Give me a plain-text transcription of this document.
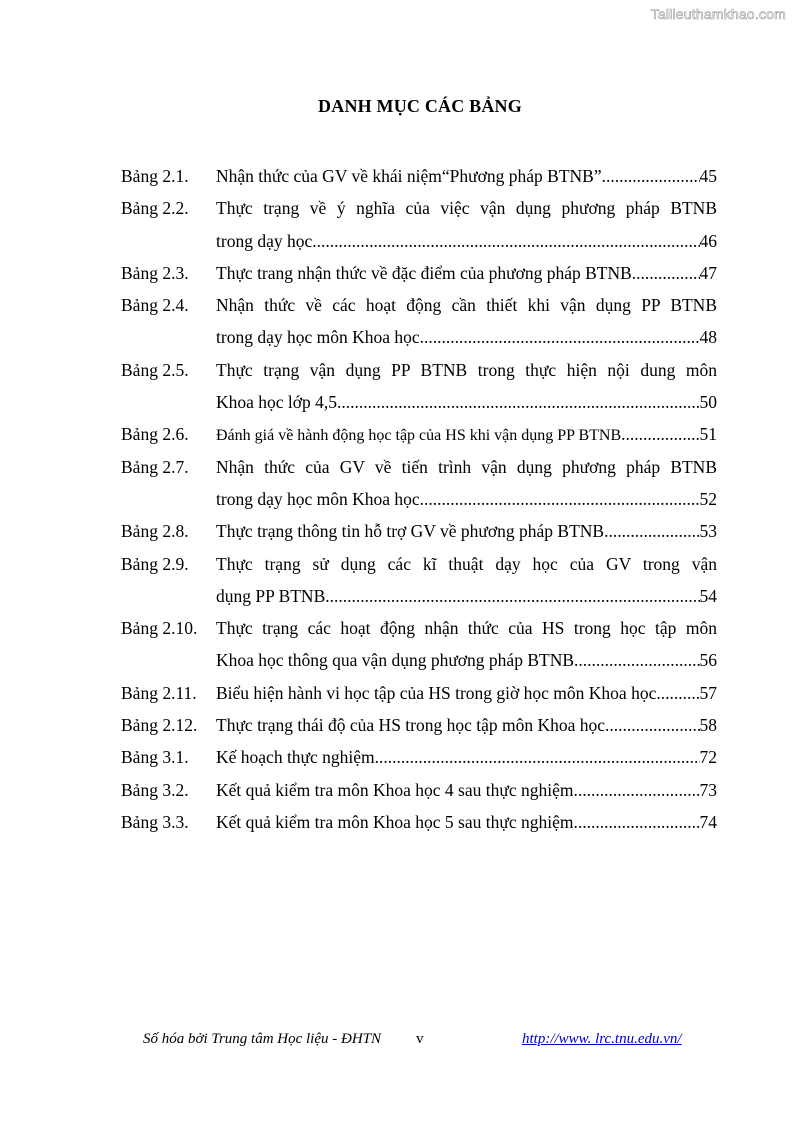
Tailieuthamkhao.com
DANH MỤC CÁC BẢNG
Bảng 2.1.	Nhận thức của GV về khái niệm“Phương pháp BTNB” .....	45
Bảng 2.2.	Thực trạng về ý nghĩa của việc vận dụng phương pháp BTNB
trong dạy học .....	46
Bảng 2.3.	Thực trang nhận thức về đặc điểm của phương pháp BTNB .....	47
Bảng 2.4.	Nhận thức về các hoạt động cần thiết khi vận dụng PP BTNB
trong dạy học môn Khoa học .....	48
Bảng 2.5.	Thực trạng vận dụng PP BTNB trong thực hiện nội dung môn
Khoa học lớp 4,5 .....	50
Bảng 2.6.	Đánh giá về hành động học tập của HS khi vận dụng PP BTNB .....	51
Bảng 2.7.	Nhận thức của GV về tiến trình vận dụng phương pháp BTNB
trong dạy học môn Khoa học .....	52
Bảng 2.8.	Thực trạng thông tin hỗ trợ GV về phương pháp BTNB .....	53
Bảng 2.9.	Thực trạng sử dụng các kĩ thuật dạy học của GV trong vận
dụng PP BTNB .....	54
Bảng 2.10.	Thực trạng các hoạt động nhận thức của HS trong học tập môn
Khoa học thông qua vận dụng phương pháp BTNB .....	56
Bảng 2.11.	Biểu hiện hành vi học tập của HS trong giờ học môn Khoa học ..... 57
Bảng 2.12.	Thực trạng thái độ của HS trong học tập môn Khoa học .....	58
Bảng 3.1.	Kế hoạch thực nghiệm .....	72
Bảng 3.2.	Kết quả kiểm tra môn Khoa học 4 sau thực nghiệm .....	73
Bảng 3.3.	Kết quả kiểm tra môn Khoa học 5 sau thực nghiệm .....	74
Số hóa bởi Trung tâm Học liệu - ĐHTN v	http://www. lrc.tnu.edu.vn/
